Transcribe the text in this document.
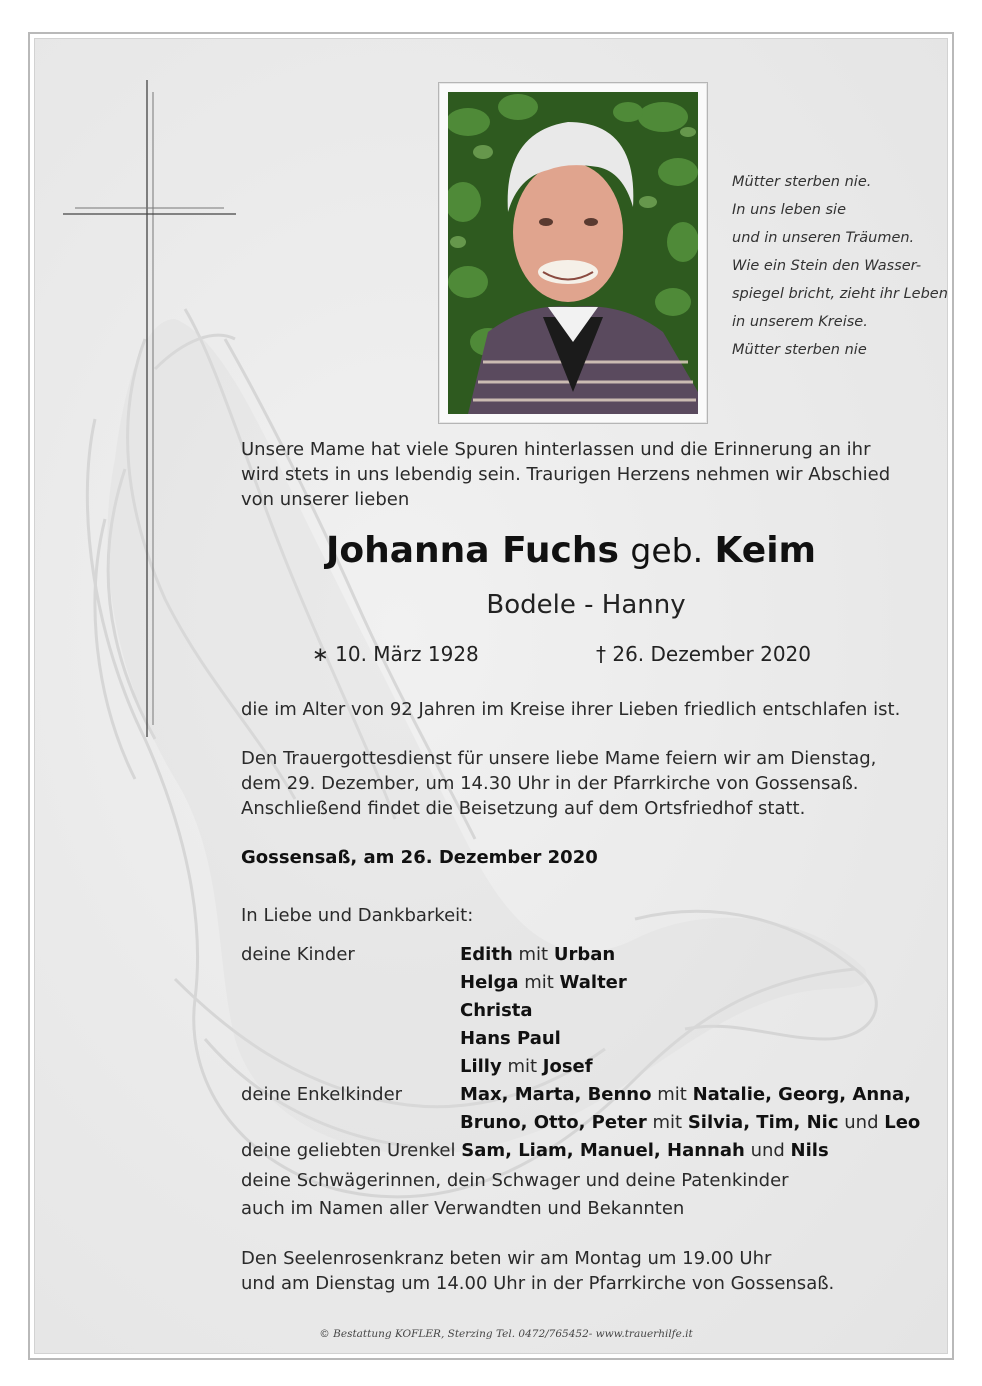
Mütter sterben nie.
In uns leben sie
und in unseren Träumen.
Wie ein Stein den Wasser-
spiegel bricht, zieht ihr Leben
in unserem Kreise.
Mütter sterben nie
Unsere Mame hat viele Spuren hinterlassen und die Erinnerung an ihr
wird stets in uns lebendig sein. Traurigen Herzens nehmen wir Abschied
von unserer lieben
Johanna Fuchs geb. Keim
Bodele - Hanny
∗ 10. März 1928	† 26. Dezember 2020
die im Alter von 92 Jahren im Kreise ihrer Lieben friedlich entschlafen ist.
Den Trauergottesdienst für unsere liebe Mame feiern wir am Dienstag,
dem 29. Dezember, um 14.30 Uhr in der Pfarrkirche von Gossensaß.
Anschließend findet die Beisetzung auf dem Ortsfriedhof statt.
Gossensaß, am 26. Dezember 2020
In Liebe und Dankbarkeit:
deine Kinder	Edith mit Urban
Helga mit Walter
Christa
Hans Paul
Lilly mit Josef
deine Enkelkinder	Max, Marta, Benno mit Natalie, Georg, Anna,
Bruno, Otto, Peter mit Silvia, Tim, Nic und Leo
deine geliebten Urenkel Sam, Liam, Manuel, Hannah und Nils
deine Schwägerinnen, dein Schwager und deine Patenkinder
auch im Namen aller Verwandten und Bekannten
Den Seelenrosenkranz beten wir am Montag um 19.00 Uhr
und am Dienstag um 14.00 Uhr in der Pfarrkirche von Gossensaß.
© Bestattung KOFLER, Sterzing Tel. 0472/765452- www.trauerhilfe.it
